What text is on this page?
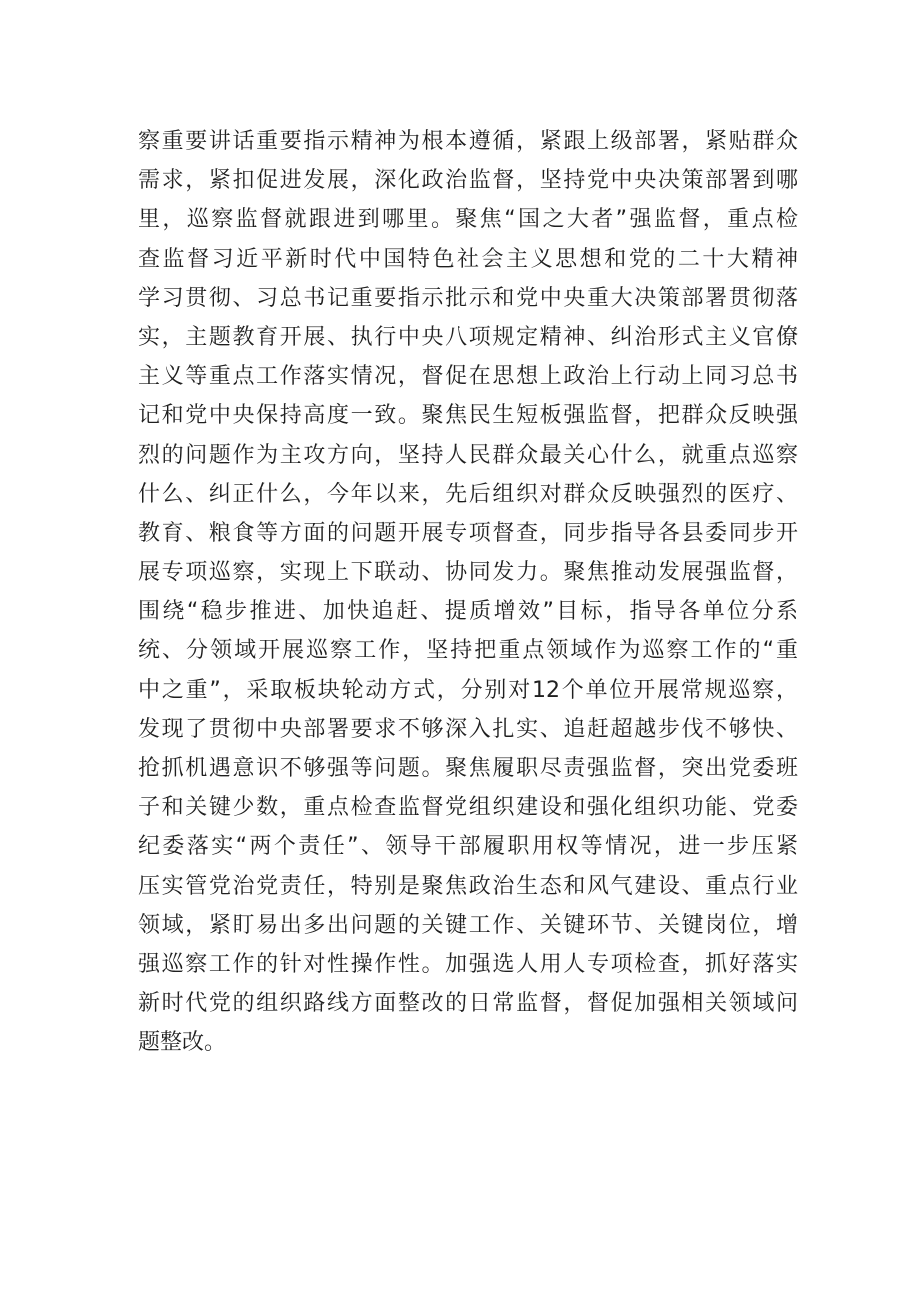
察重要讲话重要指示精神为根本遵循，紧跟上级部署，紧贴群众
需求，紧扣促进发展，深化政治监督，坚持党中央决策部署到哪
里，巡察监督就跟进到哪里。聚焦“国之大者”强监督，重点检
查监督习近平新时代中国特色社会主义思想和党的二十大精神
学习贯彻、习总书记重要指示批示和党中央重大决策部署贯彻落
实，主题教育开展、执行中央八项规定精神、纠治形式主义官僚
主义等重点工作落实情况，督促在思想上政治上行动上同习总书
记和党中央保持高度一致。聚焦民生短板强监督，把群众反映强
烈的问题作为主攻方向，坚持人民群众最关心什么，就重点巡察
什么、纠正什么，今年以来，先后组织对群众反映强烈的医疗、
教育、粮食等方面的问题开展专项督查，同步指导各县委同步开
展专项巡察，实现上下联动、协同发力。聚焦推动发展强监督，
围绕“稳步推进、加快追赶、提质增效”目标，指导各单位分系
统、分领域开展巡察工作，坚持把重点领域作为巡察工作的“重
中之重”，采取板块轮动方式，分别对12个单位开展常规巡察，
发现了贯彻中央部署要求不够深入扎实、追赶超越步伐不够快、
抢抓机遇意识不够强等问题。聚焦履职尽责强监督，突出党委班
子和关键少数，重点检查监督党组织建设和强化组织功能、党委
纪委落实“两个责任”、领导干部履职用权等情况，进一步压紧
压实管党治党责任，特别是聚焦政治生态和风气建设、重点行业
领域，紧盯易出多出问题的关键工作、关键环节、关键岗位，增
强巡察工作的针对性操作性。加强选人用人专项检查，抓好落实
新时代党的组织路线方面整改的日常监督，督促加强相关领域问
题整改。
